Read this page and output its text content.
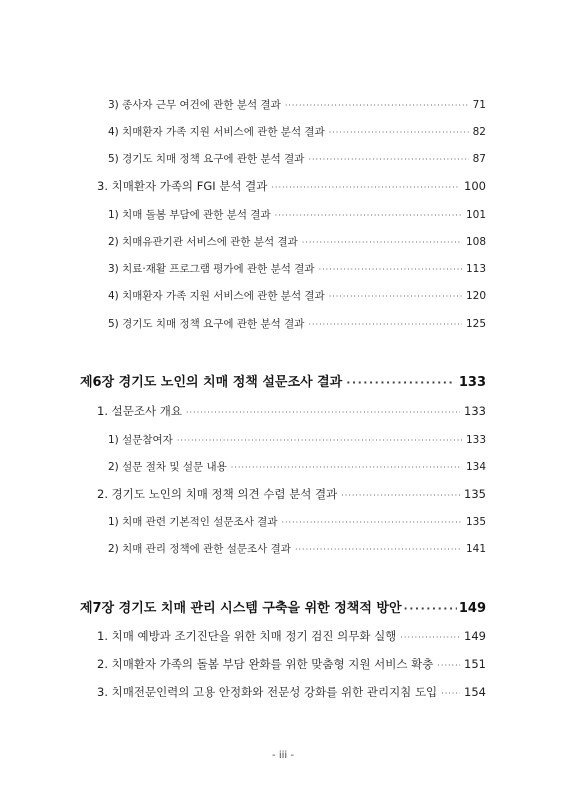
3) 종사자 근무 여건에 관한 분석 결과 ·····	71
4) 치매환자 가족 지원 서비스에 관한 분석 결과 ·····	82
5) 경기도 치매 정책 요구에 관한 분석 결과 ·····	87
3. 치매환자 가족의 FGI 분석 결과 ·····	100
1) 치매 돌봄 부담에 관한 분석 결과 ·····	101
2) 치매유관기관 서비스에 관한 분석 결과 ·····	108
3) 치료·재활 프로그램 평가에 관한 분석 결과 ·····	113
4) 치매환자 가족 지원 서비스에 관한 분석 결과 ·····	120
5) 경기도 치매 정책 요구에 관한 분석 결과 ·····	125
제6장 경기도 노인의 치매 정책 설문조사 결과 ·····	133
1. 설문조사 개요 ·····	133
1) 설문참여자 ·····	133
2) 설문 절차 및 설문 내용 ·····	134
2. 경기도 노인의 치매 정책 의견 수렴 분석 결과 ·····	135
1) 치매 관련 기본적인 설문조사 결과 ·····	135
2) 치매 관리 정책에 관한 설문조사 결과 ·····	141
제7장 경기도 치매 관리 시스템 구축을 위한 정책적 방안 ·····	149
1. 치매 예방과 조기진단을 위한 치매 정기 검진 의무화 실행 ·····	149
2. 치매환자 가족의 돌봄 부담 완화를 위한 맞춤형 지원 서비스 확충 ·····	151
3. 치매전문인력의 고용 안정화와 전문성 강화를 위한 관리지침 도입 ····· 154
- iii -
